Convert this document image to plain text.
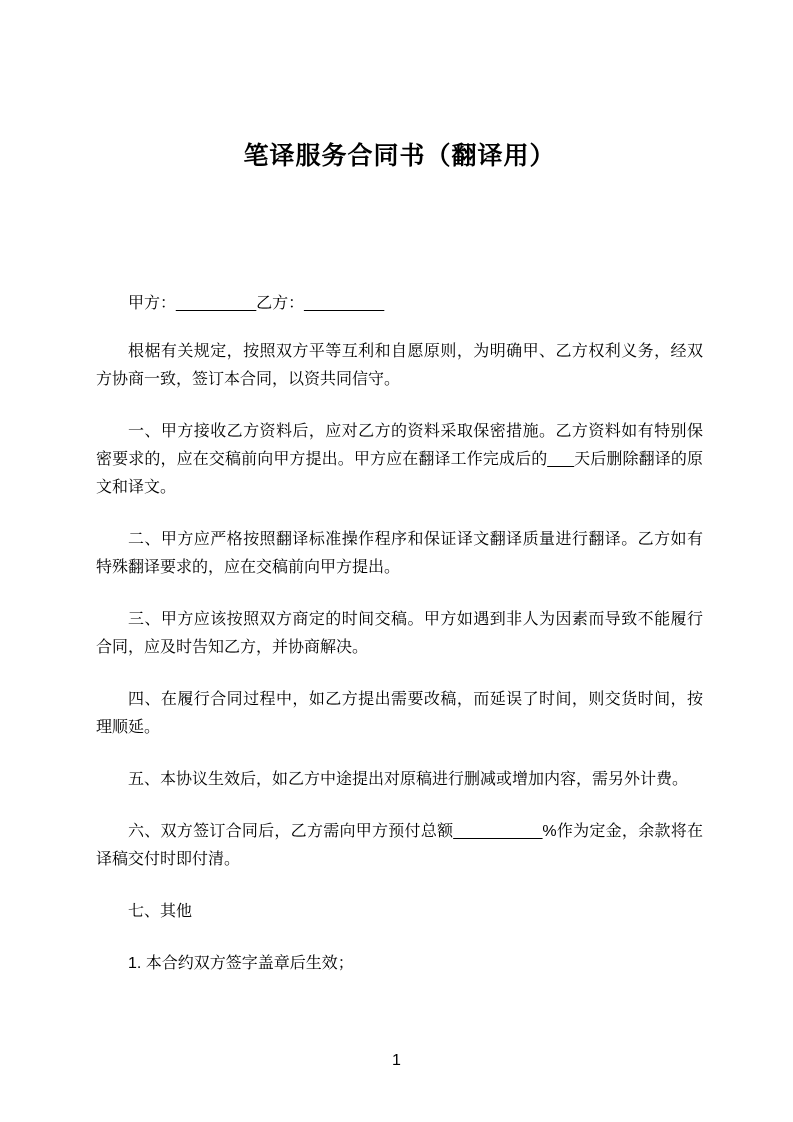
笔译服务合同书（翻译用）

甲方：_________乙方：_________

根椐有关规定，按照双方平等互利和自愿原则，为明确甲、乙方权利义务，经双方协商一致，签订本合同，以资共同信守。

一、甲方接收乙方资料后，应对乙方的资料采取保密措施。乙方资料如有特别保密要求的，应在交稿前向甲方提出。甲方应在翻译工作完成后的___天后删除翻译的原文和译文。

二、甲方应严格按照翻译标准操作程序和保证译文翻译质量进行翻译。乙方如有特殊翻译要求的，应在交稿前向甲方提出。

三、甲方应该按照双方商定的时间交稿。甲方如遇到非人为因素而导致不能履行合同，应及时告知乙方，并协商解决。

四、在履行合同过程中，如乙方提出需要改稿，而延误了时间，则交货时间，按理顺延。

五、本协议生效后，如乙方中途提出对原稿进行删减或增加内容，需另外计费。

六、双方签订合同后，乙方需向甲方预付总额__________%作为定金，余款将在译稿交付时即付清。

七、其他

1. 本合约双方签字盖章后生效；

1
